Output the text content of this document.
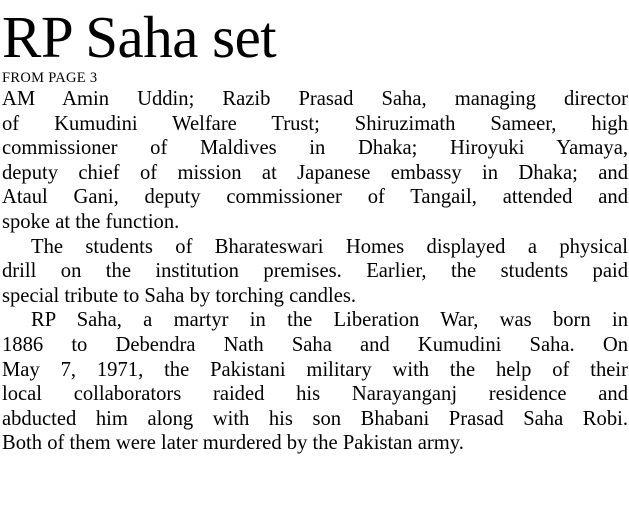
RP Saha set
FROM PAGE 3
AM Amin Uddin; Razib Prasad Saha, managing director
of Kumudini Welfare Trust; Shiruzimath Sameer, high
commissioner of Maldives in Dhaka; Hiroyuki Yamaya,
deputy chief of mission at Japanese embassy in Dhaka; and
Ataul Gani, deputy commissioner of Tangail, attended and
spoke at the function.
The students of Bharateswari Homes displayed a physical
drill on the institution premises. Earlier, the students paid
special tribute to Saha by torching candles.
RP Saha, a martyr in the Liberation War, was born in
1886 to Debendra Nath Saha and Kumudini Saha. On
May 7, 1971, the Pakistani military with the help of their
local collaborators raided his Narayanganj residence and
abducted him along with his son Bhabani Prasad Saha Robi.
Both of them were later murdered by the Pakistan army.
